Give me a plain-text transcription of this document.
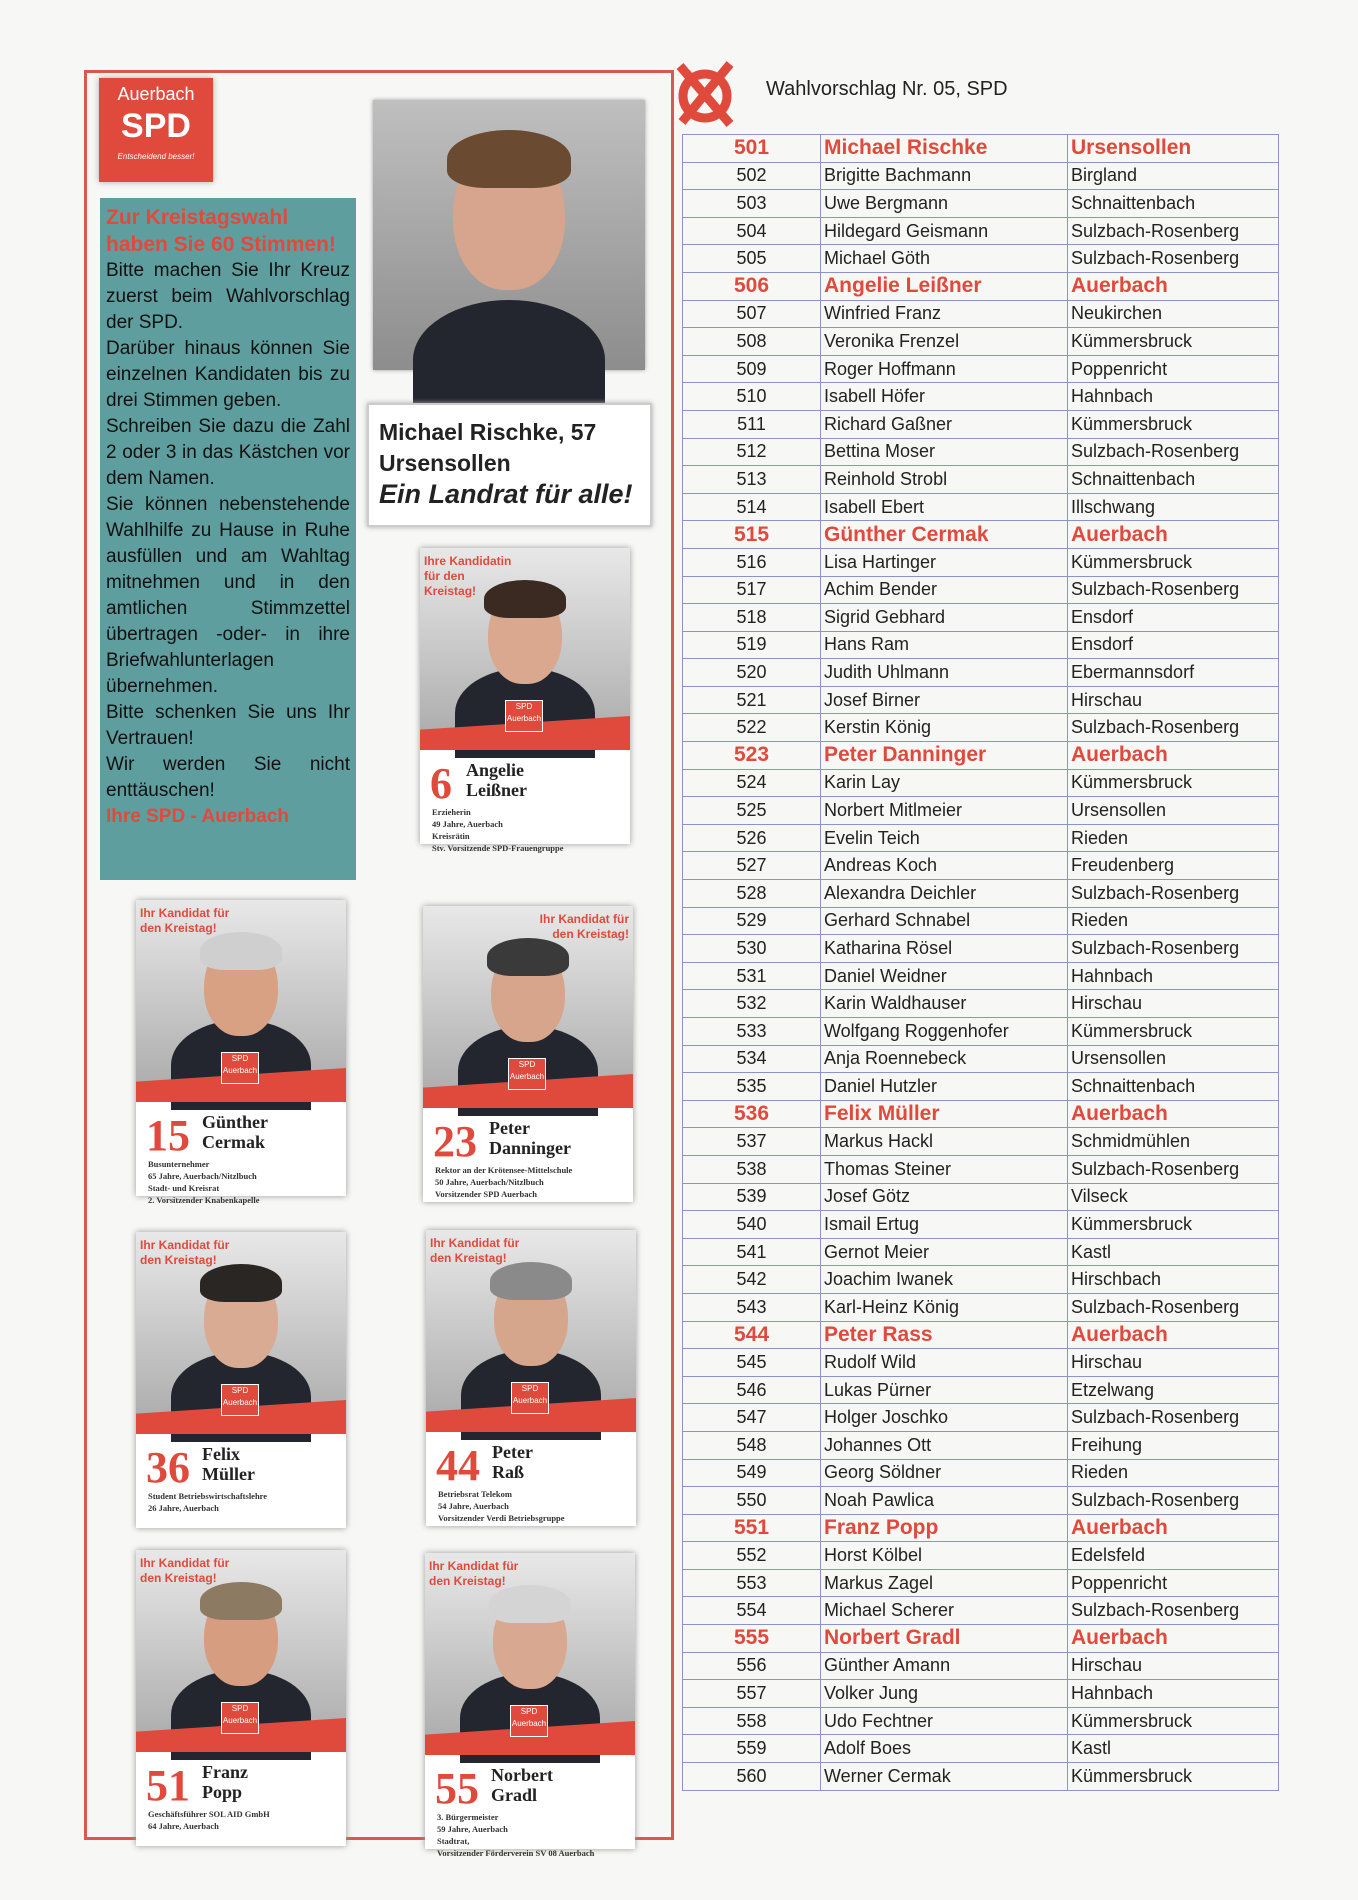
Wahlvorschlag Nr. 05, SPD
Auerbach
SPD
Entscheidend besser!
Zur Kreistagswahl
haben Sie 60 Stimmen!
Bitte machen Sie Ihr Kreuz zuerst beim Wahlvorschlag der SPD.
Darüber hinaus können Sie einzelnen Kandidaten bis zu drei Stimmen geben.
Schreiben Sie dazu die Zahl 2 oder 3 in das Kästchen vor dem Namen.
Sie können nebenstehende Wahlhilfe zu Hause in Ruhe ausfüllen und am Wahltag mitnehmen und in den amtlichen Stimmzettel übertragen -oder- in ihre Briefwahlunterlagen übernehmen.
Bitte schenken Sie uns Ihr Vertrauen!
Wir werden Sie nicht enttäuschen!
Ihre SPD - Auerbach
Michael Rischke, 57
Ursensollen
Ein Landrat für alle!
SPD
Auerbach
Ihre Kandidatin für den Kreistag!
6 Angelie
Leißner
Erzieherin
49 Jahre, Auerbach
Kreisrätin
Stv. Vorsitzende SPD-Frauengruppe
SPD
Auerbach
Ihr Kandidat für den Kreistag!
15 Günther
Cermak
Busunternehmer
65 Jahre, Auerbach/Nitzlbuch
Stadt- und Kreisrat
2. Vorsitzender Knabenkapelle
SPD
Auerbach
Ihr Kandidat für den Kreistag!
23 Peter
Danninger
Rektor an der Krötensee-Mittelschule
50 Jahre, Auerbach/Nitzlbuch
Vorsitzender SPD Auerbach
SPD
Auerbach
Ihr Kandidat für den Kreistag!
36 Felix
Müller
Student Betriebswirtschaftslehre
26 Jahre, Auerbach
SPD
Auerbach
Ihr Kandidat für den Kreistag!
44 Peter
Raß
Betriebsrat Telekom
54 Jahre, Auerbach
Vorsitzender Verdi Betriebsgruppe
SPD
Auerbach
Ihr Kandidat für den Kreistag!
51 Franz
Popp
Geschäftsführer SOL AID GmbH
64 Jahre, Auerbach
SPD
Auerbach
Ihr Kandidat für den Kreistag!
55 Norbert
Gradl
3. Bürgermeister
59 Jahre, Auerbach
Stadtrat,
Vorsitzender Förderverein SV 08 Auerbach
501	Michael Rischke	Ursensollen
502	Brigitte Bachmann	Birgland
503	Uwe Bergmann	Schnaittenbach
504	Hildegard Geismann	Sulzbach-Rosenberg
505	Michael Göth	Sulzbach-Rosenberg
506	Angelie Leißner	Auerbach
507	Winfried Franz	Neukirchen
508	Veronika Frenzel	Kümmersbruck
509	Roger Hoffmann	Poppenricht
510	Isabell Höfer	Hahnbach
511	Richard Gaßner	Kümmersbruck
512	Bettina Moser	Sulzbach-Rosenberg
513	Reinhold Strobl	Schnaittenbach
514	Isabell Ebert	Illschwang
515	Günther Cermak	Auerbach
516	Lisa Hartinger	Kümmersbruck
517	Achim Bender	Sulzbach-Rosenberg
518	Sigrid Gebhard	Ensdorf
519	Hans Ram	Ensdorf
520	Judith Uhlmann	Ebermannsdorf
521	Josef Birner	Hirschau
522	Kerstin König	Sulzbach-Rosenberg
523	Peter Danninger	Auerbach
524	Karin Lay	Kümmersbruck
525	Norbert Mitlmeier	Ursensollen
526	Evelin Teich	Rieden
527	Andreas Koch	Freudenberg
528	Alexandra Deichler	Sulzbach-Rosenberg
529	Gerhard Schnabel	Rieden
530	Katharina Rösel	Sulzbach-Rosenberg
531	Daniel Weidner	Hahnbach
532	Karin Waldhauser	Hirschau
533	Wolfgang Roggenhofer	Kümmersbruck
534	Anja Roennebeck	Ursensollen
535	Daniel Hutzler	Schnaittenbach
536	Felix Müller	Auerbach
537	Markus Hackl	Schmidmühlen
538	Thomas Steiner	Sulzbach-Rosenberg
539	Josef Götz	Vilseck
540	Ismail Ertug	Kümmersbruck
541	Gernot Meier	Kastl
542	Joachim Iwanek	Hirschbach
543	Karl-Heinz König	Sulzbach-Rosenberg
544	Peter Rass	Auerbach
545	Rudolf Wild	Hirschau
546	Lukas Pürner	Etzelwang
547	Holger Joschko	Sulzbach-Rosenberg
548	Johannes Ott	Freihung
549	Georg Söldner	Rieden
550	Noah Pawlica	Sulzbach-Rosenberg
551	Franz Popp	Auerbach
552	Horst Kölbel	Edelsfeld
553	Markus Zagel	Poppenricht
554	Michael Scherer	Sulzbach-Rosenberg
555	Norbert Gradl	Auerbach
556	Günther Amann	Hirschau
557	Volker Jung	Hahnbach
558	Udo Fechtner	Kümmersbruck
559	Adolf Boes	Kastl
560	Werner Cermak	Kümmersbruck
